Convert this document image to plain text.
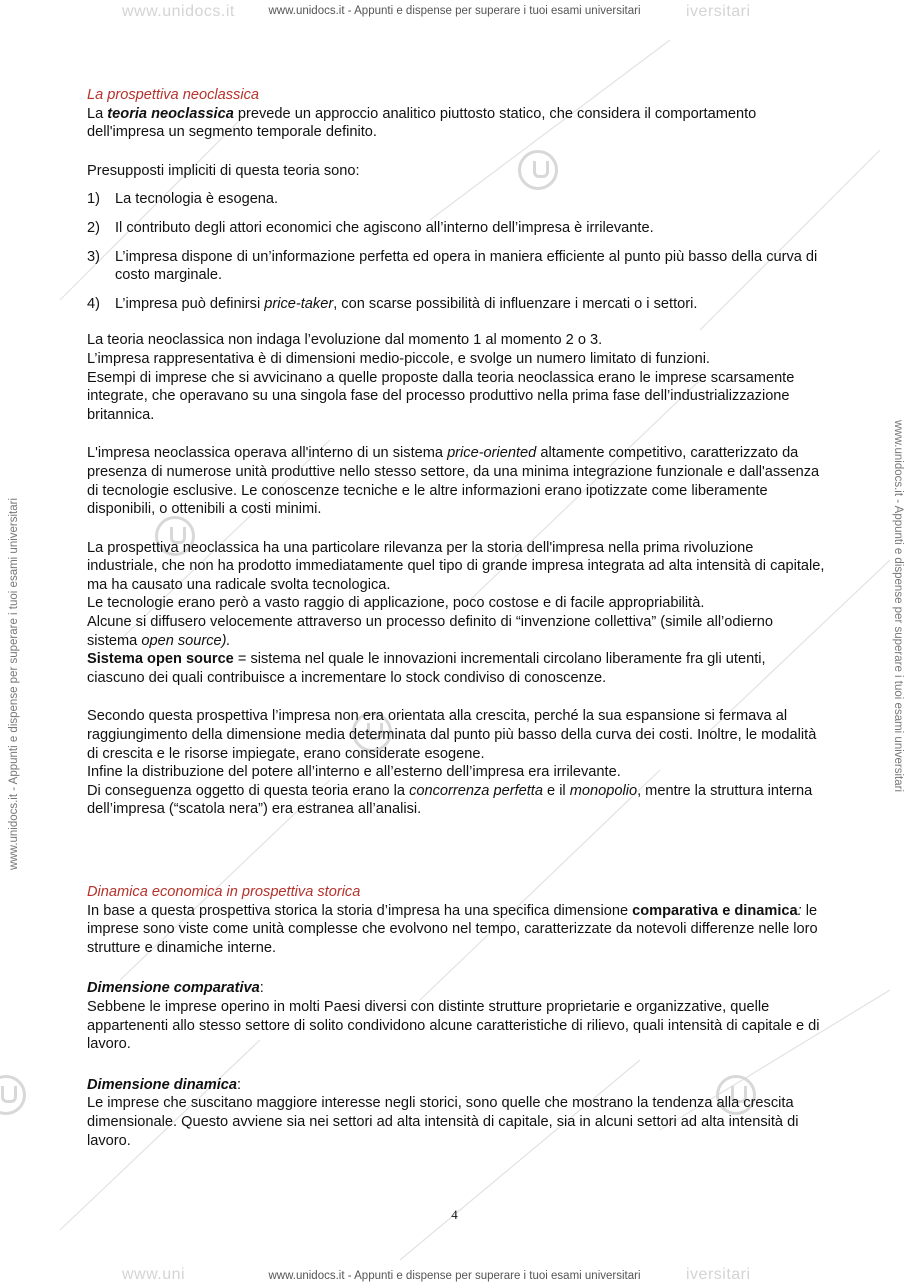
www.unidocs.it	iversitari
www.uni	iversitari
www.unidocs.it - Appunti e dispense per superare i tuoi esami universitari
www.unidocs.it - Appunti e dispense per superare i tuoi esami universitari
www.unidocs.it - Appunti e dispense per superare i tuoi esami universitari	www.unidocs.it - Appunti e dispense per superare i tuoi esami universitari
La prospettiva neoclassica

La teoria neoclassica prevede un approccio analitico piuttosto statico, che considera il comportamento dell'impresa un segmento temporale definito.

Presupposti impliciti di questa teoria sono:

1) La tecnologia è esogena.
2) Il contributo degli attori economici che agiscono all’interno dell’impresa è irrilevante.
3) L’impresa dispone di un’informazione perfetta ed opera in maniera efficiente al punto più basso della curva di costo marginale.
4) L’impresa può definirsi price-taker, con scarse possibilità di influenzare i mercati o i settori.

La teoria neoclassica non indaga l’evoluzione dal momento 1 al momento 2 o 3.

L’impresa rappresentativa è di dimensioni medio-piccole, e svolge un numero limitato di funzioni.

Esempi di imprese che si avvicinano a quelle proposte dalla teoria neoclassica erano le imprese scarsamente integrate, che operavano su una singola fase del processo produttivo nella prima fase dell’industrializzazione britannica.

L'impresa neoclassica operava all'interno di un sistema price-oriented altamente competitivo, caratterizzato da presenza di numerose unità produttive nello stesso settore, da una minima integrazione funzionale e dall'assenza di tecnologie esclusive. Le conoscenze tecniche e le altre informazioni erano ipotizzate come liberamente disponibili, o ottenibili a costi minimi.

La prospettiva neoclassica ha una particolare rilevanza per la storia dell'impresa nella prima rivoluzione industriale, che non ha prodotto immediatamente quel tipo di grande impresa integrata ad alta intensità di capitale, ma ha causato una radicale svolta tecnologica.

Le tecnologie erano però a vasto raggio di applicazione, poco costose e di facile appropriabilità.

Alcune si diffusero velocemente attraverso un processo definito di “invenzione collettiva” (simile all’odierno sistema open source).

Sistema open source = sistema nel quale le innovazioni incrementali circolano liberamente fra gli utenti, ciascuno dei quali contribuisce a incrementare lo stock condiviso di conoscenze.

Secondo questa prospettiva l’impresa non era orientata alla crescita, perché la sua espansione si fermava al raggiungimento della dimensione media determinata dal punto più basso della curva dei costi. Inoltre, le modalità di crescita e le risorse impiegate, erano considerate esogene.

Infine la distribuzione del potere all’interno e all’esterno dell’impresa era irrilevante.

Di conseguenza oggetto di questa teoria erano la concorrenza perfetta e il monopolio, mentre la struttura interna dell’impresa (“scatola nera”) era estranea all’analisi.

Dinamica economica in prospettiva storica

In base a questa prospettiva storica la storia d’impresa ha una specifica dimensione comparativa e dinamica: le imprese sono viste come unità complesse che evolvono nel tempo, caratterizzate da notevoli differenze nelle loro strutture e dinamiche interne.

Dimensione comparativa:

Sebbene le imprese operino in molti Paesi diversi con distinte strutture proprietarie e organizzative, quelle appartenenti allo stesso settore di solito condividono alcune caratteristiche di rilievo, quali intensità di capitale e di lavoro.

Dimensione dinamica:

Le imprese che suscitano maggiore interesse negli storici, sono quelle che mostrano la tendenza alla crescita dimensionale. Questo avviene sia nei settori ad alta intensità di capitale, sia in alcuni settori ad alta intensità di lavoro.

4
